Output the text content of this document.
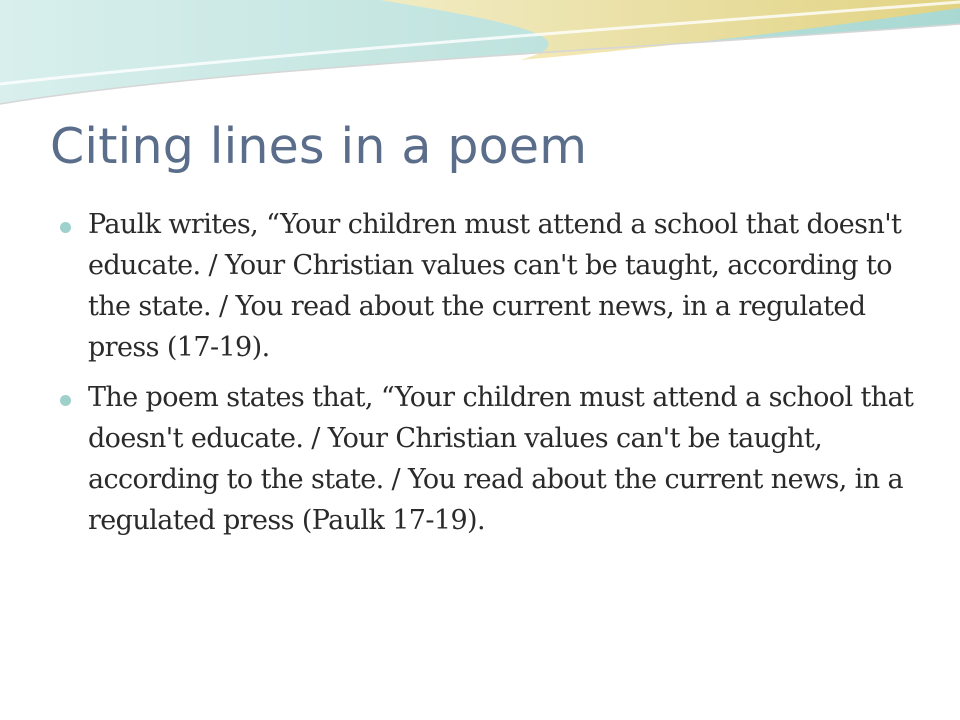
Citing lines in a poem
Paulk writes, “Your children must attend a school that doesn't educate. / Your Christian values can't be taught, according to the state. / You read about the current news, in a regulated press (17-19).
The poem states that, “Your children must attend a school that doesn't educate. / Your Christian values can't be taught, according to the state. / You read about the current news, in a regulated press (Paulk 17-19).
